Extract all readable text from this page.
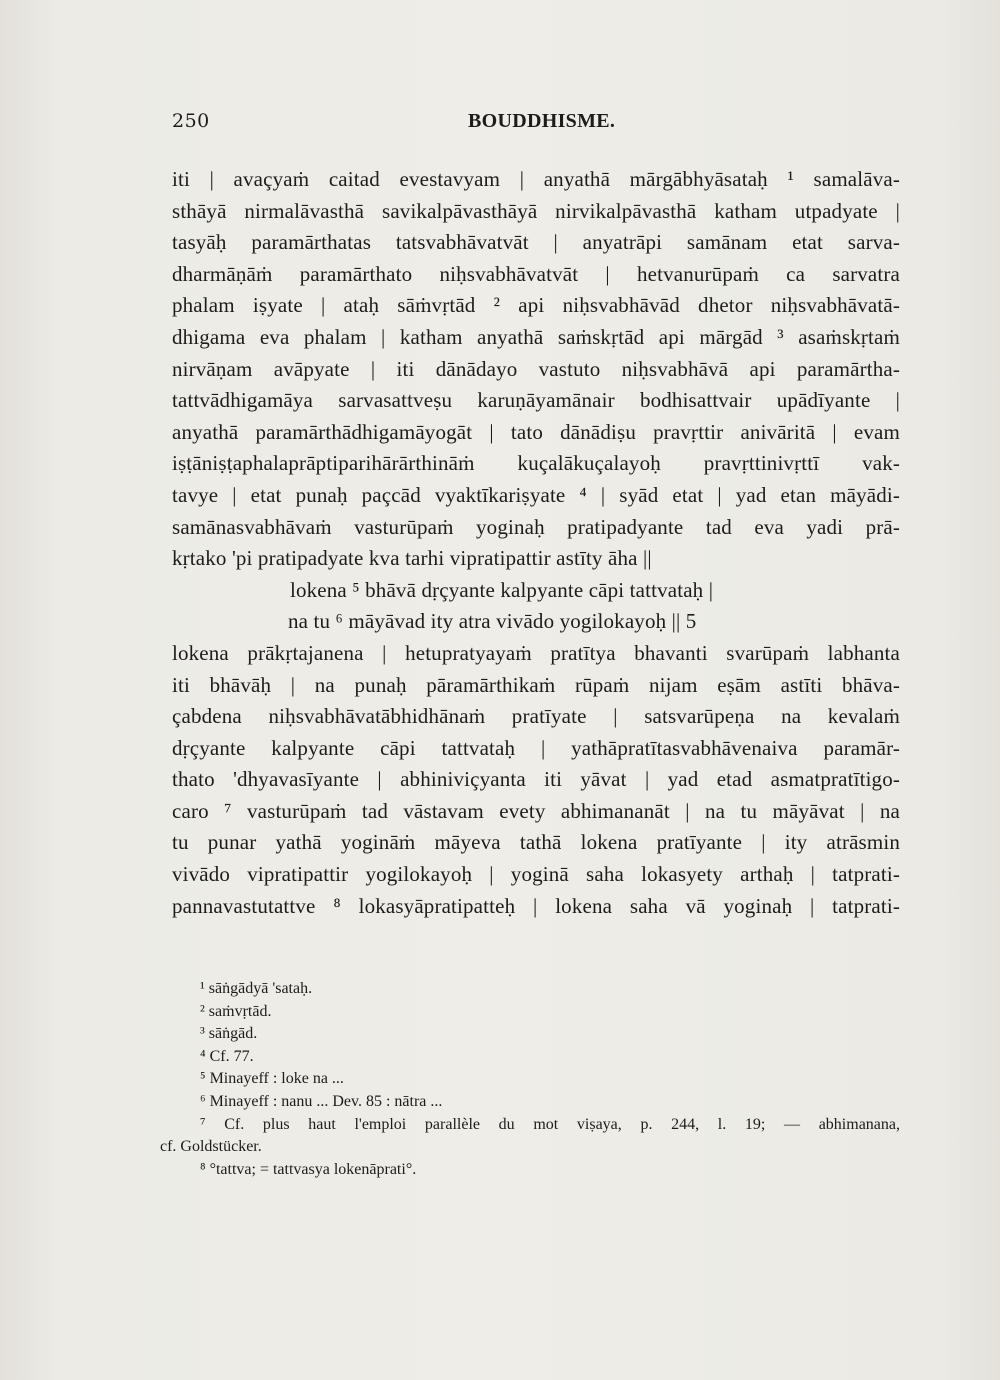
250	BOUDDHISME.
iti | avaçyaṁ caitad evestavyam | anyathā mārgābhyāsataḥ ¹ samalāva-
sthāyā nirmalāvasthā savikalpāvasthāyā nirvikalpāvasthā katham utpadyate |
tasyāḥ paramārthatas tatsvabhāvatvāt | anyatrāpi samānam etat sarva-
dharmāṇāṁ paramārthato niḥsvabhāvatvāt | hetvanurūpaṁ ca sarvatra
phalam iṣyate | ataḥ sāṁvṛtād ² api niḥsvabhāvād dhetor niḥsvabhāvatā-
dhigama eva phalam | katham anyathā saṁskṛtād api mārgād ³ asaṁskṛtaṁ
nirvāṇam avāpyate | iti dānādayo vastuto niḥsvabhāvā api paramārtha-
tattvādhigamāya sarvasattveṣu karuṇāyamānair bodhisattvair upādīyante |
anyathā paramārthādhigamāyogāt | tato dānādiṣu pravṛttir anivāritā | evam
iṣṭāniṣṭaphalaprāptiparihārārthināṁ kuçalākuçalayoḥ pravṛttinivṛttī vak-
tavye | etat punaḥ paçcād vyaktīkariṣyate ⁴ | syād etat | yad etan māyādi-
samānasvabhāvaṁ vasturūpaṁ yoginaḥ pratipadyante tad eva yadi prā-
kṛtako 'pi pratipadyate kva tarhi vipratipattir astīty āha ||
lokena ⁵ bhāvā dṛçyante kalpyante cāpi tattvataḥ |
na tu ⁶ māyāvad ity atra vivādo yogilokayoḥ || 5
lokena prākṛtajanena | hetupratyayaṁ pratītya bhavanti svarūpaṁ labhanta
iti bhāvāḥ | na punaḥ pāramārthikaṁ rūpaṁ nijam eṣām astīti bhāva-
çabdena niḥsvabhāvatābhidhānaṁ pratīyate | satsvarūpeṇa na kevalaṁ
dṛçyante kalpyante cāpi tattvataḥ | yathāpratītasvabhāvenaiva paramār-
thato 'dhyavasīyante | abhiniviçyanta iti yāvat | yad etad asmatpratītigo-
caro ⁷ vasturūpaṁ tad vāstavam evety abhimananāt | na tu māyāvat | na
tu punar yathā yogināṁ māyeva tathā lokena pratīyante | ity atrāsmin
vivādo vipratipattir yogilokayoḥ | yoginā saha lokasyety arthaḥ | tatprati-
pannavastutattve ⁸ lokasyāpratipatteḥ | lokena saha vā yoginaḥ | tatprati-
¹ sāṅgādyā 'sataḥ.
² saṁvṛtād.
³ sāṅgād.
⁴ Cf. 77.
⁵ Minayeff : loke na ...
⁶ Minayeff : nanu ... Dev. 85 : nātra ...
⁷ Cf. plus haut l'emploi parallèle du mot viṣaya, p. 244, l. 19; — abhimanana,
cf. Goldstücker.
⁸ °tattva; = tattvasya lokenāprati°.
